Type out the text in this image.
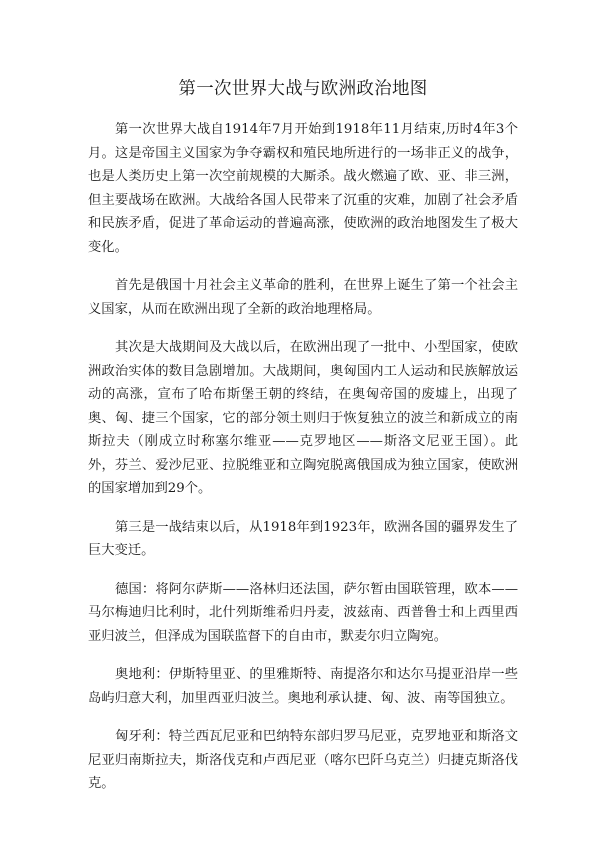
第一次世界大战与欧洲政治地图

第一次世界大战自1914年7月开始到1918年11月结束,历时4年3个月。这是帝国主义国家为争夺霸权和殖民地所进行的一场非正义的战争，也是人类历史上第一次空前规模的大厮杀。战火燃遍了欧、亚、非三洲，但主要战场在欧洲。大战给各国人民带来了沉重的灾难，加剧了社会矛盾和民族矛盾，促进了革命运动的普遍高涨，使欧洲的政治地图发生了极大变化。

首先是俄国十月社会主义革命的胜利，在世界上诞生了第一个社会主义国家，从而在欧洲出现了全新的政治地理格局。

其次是大战期间及大战以后，在欧洲出现了一批中、小型国家，使欧洲政治实体的数目急剧增加。大战期间，奥匈国内工人运动和民族解放运动的高涨，宣布了哈布斯堡王朝的终结，在奥匈帝国的废墟上，出现了奥、匈、捷三个国家，它的部分领土则归于恢复独立的波兰和新成立的南斯拉夫（刚成立时称塞尔维亚——克罗地区——斯洛文尼亚王国）。此外，芬兰、爱沙尼亚、拉脱维亚和立陶宛脱离俄国成为独立国家，使欧洲的国家增加到29个。

第三是一战结束以后，从1918年到1923年，欧洲各国的疆界发生了巨大变迁。

德国：将阿尔萨斯——洛林归还法国，萨尔暂由国联管理，欧本——马尔梅迪归比利时，北什列斯维希归丹麦，波兹南、西普鲁士和上西里西亚归波兰，但泽成为国联监督下的自由市，默麦尔归立陶宛。

奥地利：伊斯特里亚、的里雅斯特、南提洛尔和达尔马提亚沿岸一些岛屿归意大利，加里西亚归波兰。奥地利承认捷、匈、波、南等国独立。

匈牙利：特兰西瓦尼亚和巴纳特东部归罗马尼亚，克罗地亚和斯洛文尼亚归南斯拉夫，斯洛伐克和卢西尼亚（喀尔巴阡乌克兰）归捷克斯洛伐克。
